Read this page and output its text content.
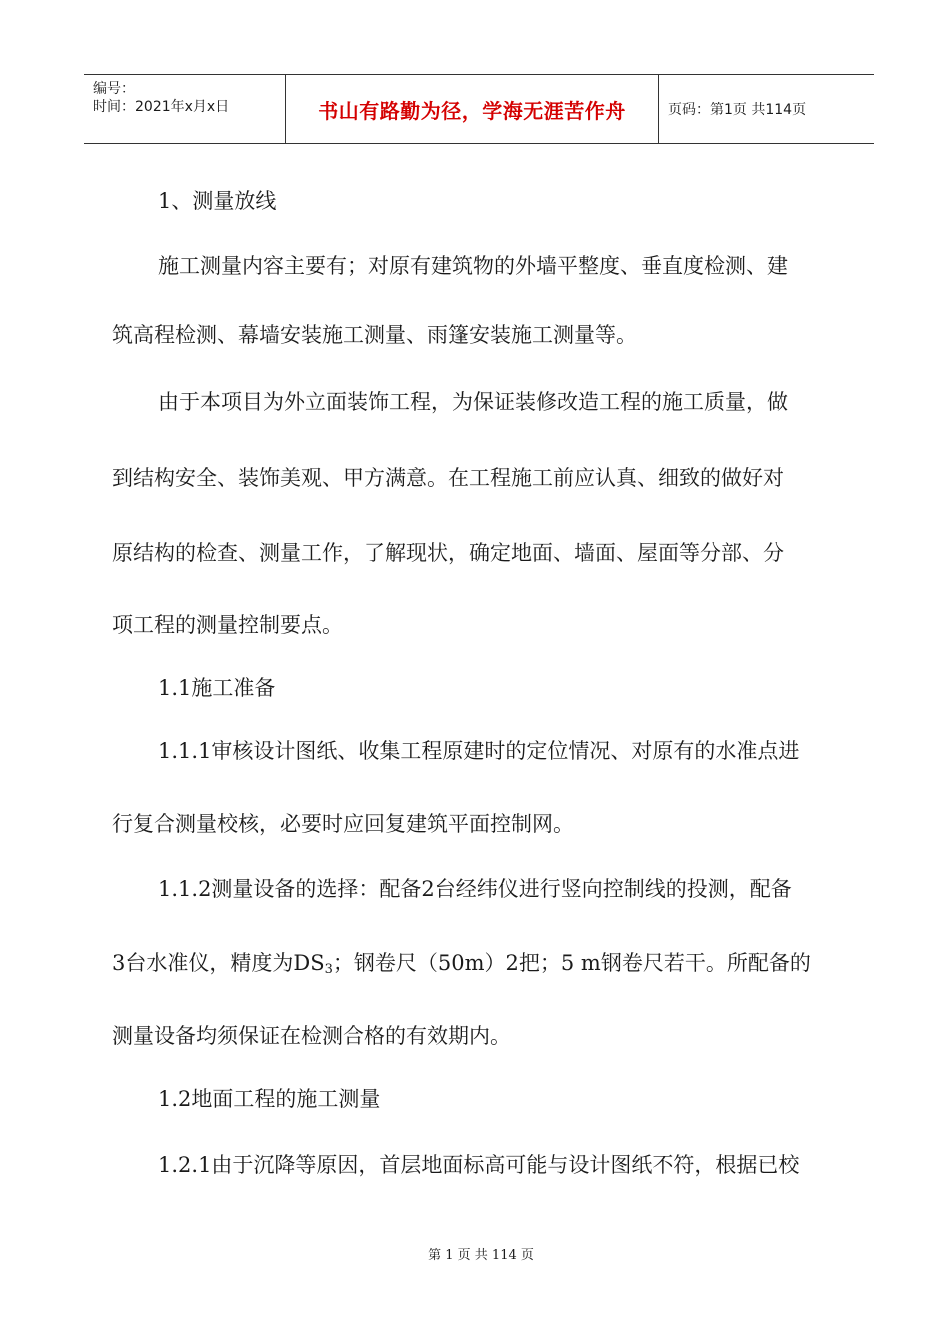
编号：
时间：2021年x月x日	书山有路勤为径，学海无涯苦作舟	页码：第1页 共114页
1、测量放线
施工测量内容主要有；对原有建筑物的外墙平整度、垂直度检测、建
筑高程检测、幕墙安装施工测量、雨篷安装施工测量等。
由于本项目为外立面装饰工程，为保证装修改造工程的施工质量，做
到结构安全、装饰美观、甲方满意。在工程施工前应认真、细致的做好对
原结构的检查、测量工作，了解现状，确定地面、墙面、屋面等分部、分
项工程的测量控制要点。
1.1施工准备
1.1.1审核设计图纸、收集工程原建时的定位情况、对原有的水准点进
行复合测量校核，必要时应回复建筑平面控制网。
1.1.2测量设备的选择：配备2台经纬仪进行竖向控制线的投测，配备
3台水准仪，精度为$DS_3$；钢卷尺（50m）2把；5 m钢卷尺若干。所配备的
测量设备均须保证在检测合格的有效期内。
1.2地面工程的施工测量
1.2.1由于沉降等原因，首层地面标高可能与设计图纸不符，根据已校
第 1 页 共 114 页
